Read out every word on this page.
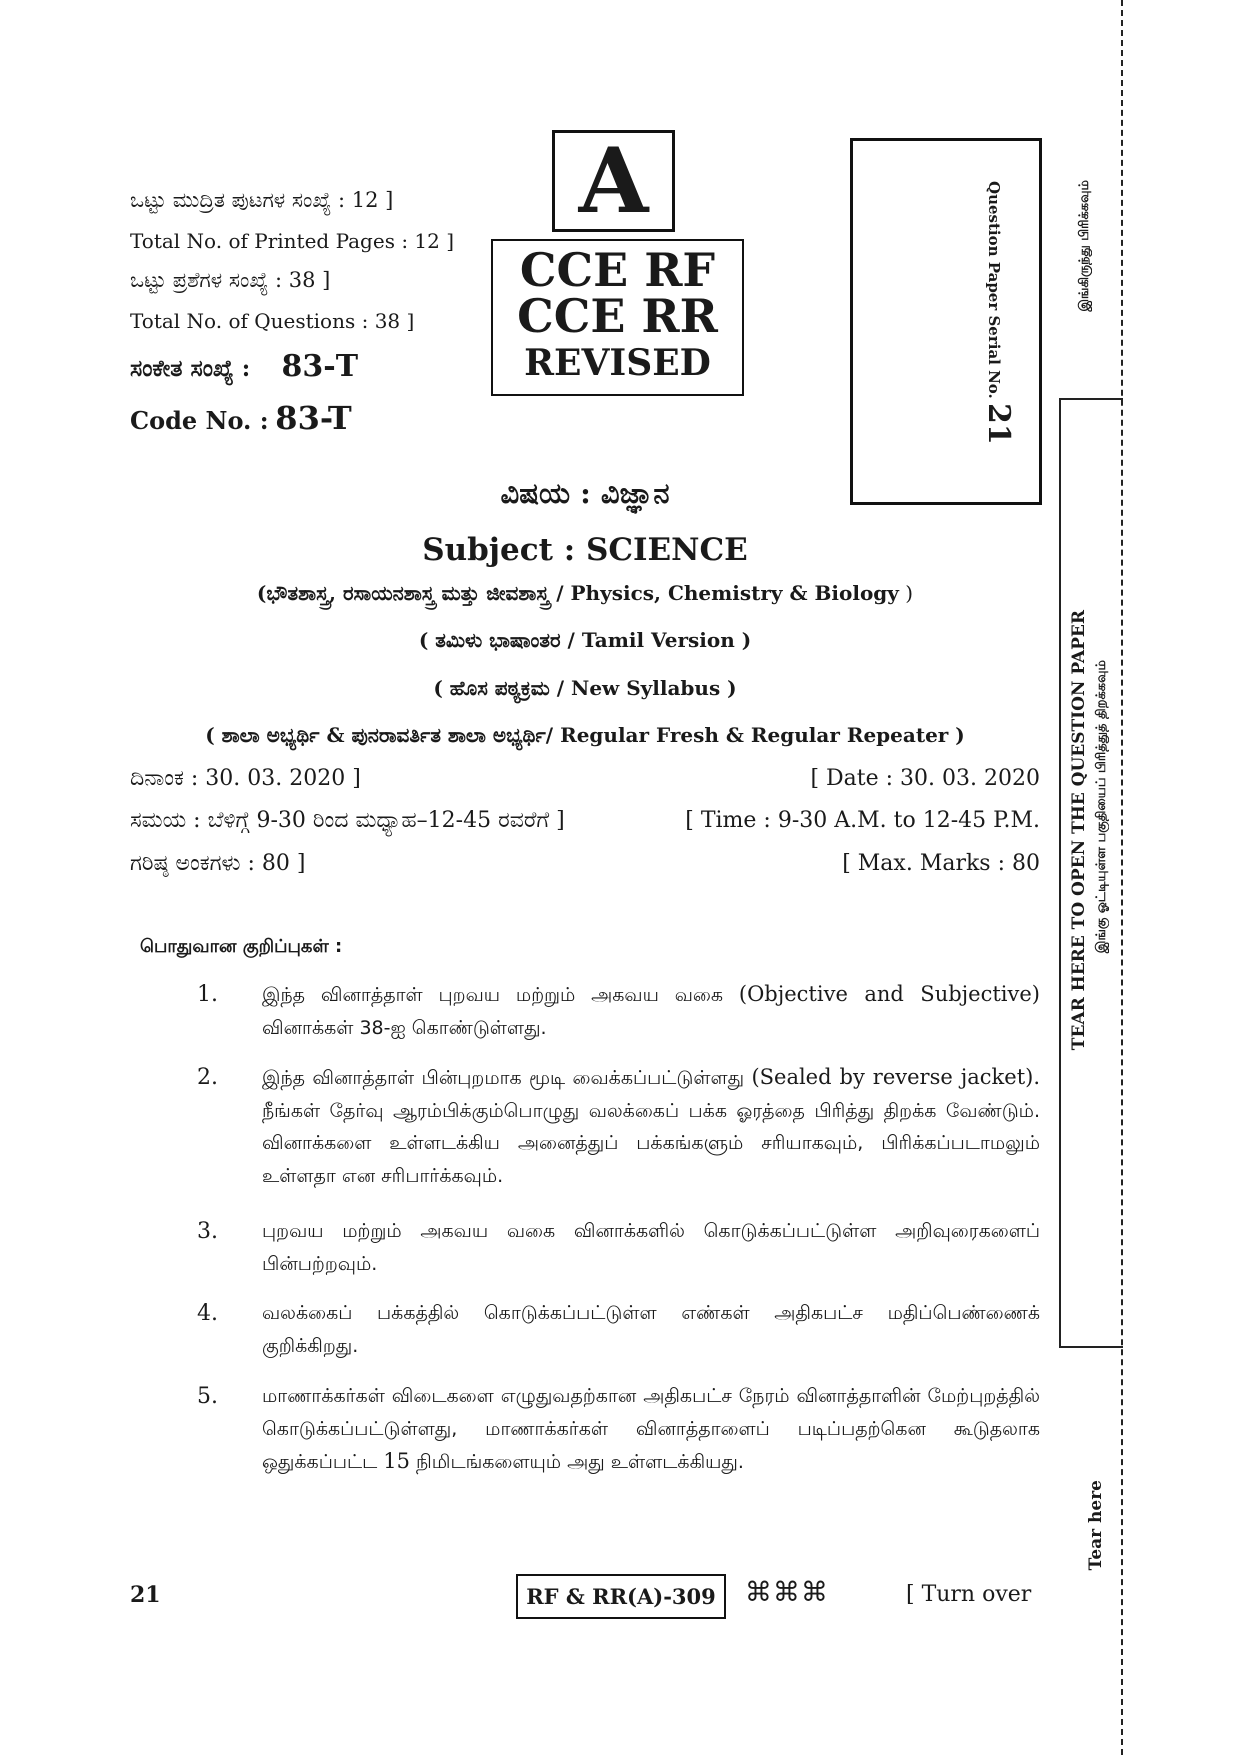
ಒಟ್ಟು ಮುದ್ರಿತ ಪುಟಗಳ ಸಂಖ್ಯೆ : 12 ]
Total No. of Printed Pages : 12 ]
ಒಟ್ಟು ಪ್ರಶೆಗಳ ಸಂಖ್ಯೆ : 38 ]
Total No. of Questions : 38 ]
ಸಂಕೇತ ಸಂಖ್ಯೆ : 83-T
Code No. : 83-T
A
CCE RF
CCE RR
REVISED	Question Paper Serial No.
21
ವಿಷಯ : ವಿಜ್ಞಾನ
Subject : SCIENCE
(ಭೌತಶಾಸ್ತ್ರ, ರಸಾಯನಶಾಸ್ತ್ರ ಮತ್ತು ಜೀವಶಾಸ್ತ್ರ / Physics, Chemistry & Biology )
( ತಮಿಳು ಭಾಷಾಂತರ / Tamil Version )
( ಹೊಸ ಪಠ್ಯಕ್ರಮ / New Syllabus )
( ಶಾಲಾ ಅಭ್ಯರ್ಥಿ & ಪುನರಾವರ್ತಿತ ಶಾಲಾ ಅಭ್ಯರ್ಥಿ/ Regular Fresh & Regular Repeater )
ದಿನಾಂಕ : 30. 03. 2020 ]	[ Date : 30. 03. 2020
ಸಮಯ : ಬೆಳಿಗ್ಗೆ 9-30 ರಿಂದ ಮಧ್ಯಾಹ–12-45 ರವರೆಗೆ ]	[ Time : 9-30 A.M. to 12-45 P.M.
ಗರಿಷ್ಠ ಅಂಕಗಳು : 80 ]	[ Max. Marks : 80
பொதுவான குறிப்புகள் :
1.	இந்த வினாத்தாள் புறவய மற்றும் அகவய வகை (Objective and Subjective) வினாக்கள் 38-ஐ கொண்டுள்ளது.
2.	இந்த வினாத்தாள் பின்புறமாக மூடி வைக்கப்பட்டுள்ளது (Sealed by reverse jacket). நீங்கள் தேர்வு ஆரம்பிக்கும்பொழுது வலக்கைப் பக்க ஓரத்தை பிரித்து திறக்க வேண்டும். வினாக்களை உள்ளடக்கிய அனைத்துப் பக்கங்களும் சரியாகவும், பிரிக்கப்படாமலும் உள்ளதா என சரிபார்க்கவும்.
3.	புறவய மற்றும் அகவய வகை வினாக்களில் கொடுக்கப்பட்டுள்ள அறிவுரைகளைப் பின்பற்றவும்.
4.	வலக்கைப் பக்கத்தில் கொடுக்கப்பட்டுள்ள எண்கள் அதிகபட்ச மதிப்பெண்ணைக் குறிக்கிறது.
5.	மாணாக்கர்கள் விடைகளை எழுதுவதற்கான அதிகபட்ச நேரம் வினாத்தாளின் மேற்புறத்தில் கொடுக்கப்பட்டுள்ளது, மாணாக்கர்கள் வினாத்தாளைப் படிப்பதற்கென கூடுதலாக ஒதுக்கப்பட்ட 15 நிமிடங்களையும் அது உள்ளடக்கியது.
21	RF & RR(A)-309 ⌘⌘⌘	[ Turn over
TEAR HERE TO OPEN THE QUESTION PAPER இங்கு ஓட்டியுள்ள பகுதியைப் பிரித்துத் திறக்கவும்
இங்கிருந்து பிரிக்கவும்
Tear here
